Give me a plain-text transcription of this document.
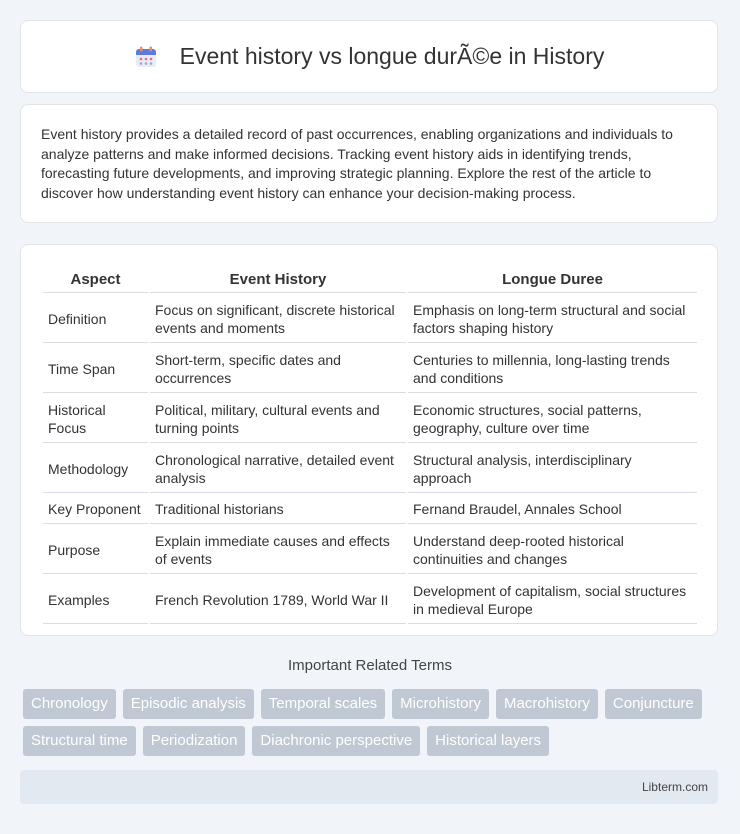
Event history vs longue durÃ©e in History

Event history provides a detailed record of past occurrences, enabling organizations and individuals to analyze patterns and make informed decisions. Tracking event history aids in identifying trends, forecasting future developments, and improving strategic planning. Explore the rest of the article to discover how understanding event history can enhance your decision-making process.

Aspect	Event History	Longue Duree
Definition	Focus on significant, discrete historical events and moments	Emphasis on long-term structural and social factors shaping history
Time Span	Short-term, specific dates and occurrences	Centuries to millennia, long-lasting trends and conditions
Historical Focus	Political, military, cultural events and turning points	Economic structures, social patterns, geography, culture over time
Methodology	Chronological narrative, detailed event analysis	Structural analysis, interdisciplinary approach
Key Proponent	Traditional historians	Fernand Braudel, Annales School
Purpose	Explain immediate causes and effects of events	Understand deep-rooted historical continuities and changes
Examples	French Revolution 1789, World War II	Development of capitalism, social structures in medieval Europe
Important Related Terms
Chronology	Episodic analysis	Temporal scales	Microhistory	Macrohistory	Conjuncture
Structural time	Periodization	Diachronic perspective	Historical layers
Libterm.com
